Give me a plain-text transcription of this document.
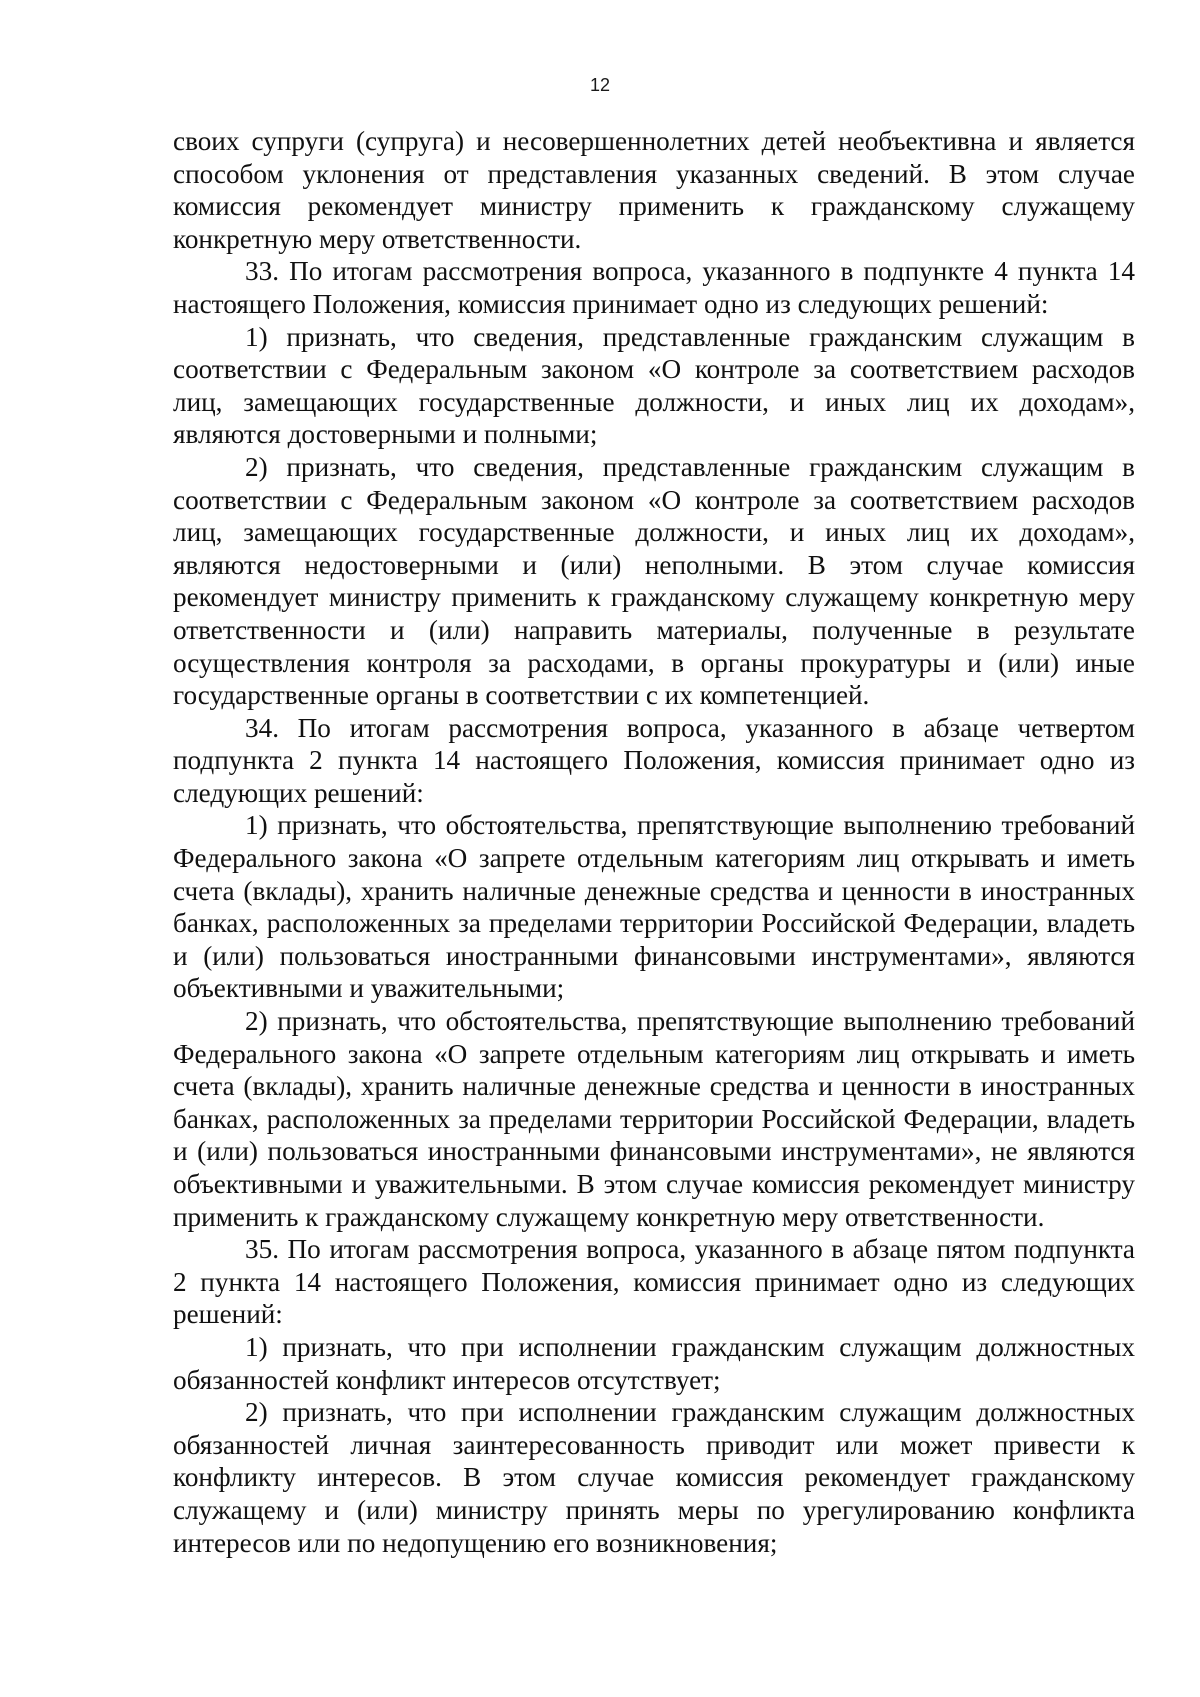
12

своих супруги (супруга) и несовершеннолетних детей необъективна и является способом уклонения от представления указанных сведений. В этом случае комиссия рекомендует министру применить к гражданскому служащему конкретную меру ответственности.

33. По итогам рассмотрения вопроса, указанного в подпункте 4 пункта 14 настоящего Положения, комиссия принимает одно из следующих решений:

1) признать, что сведения, представленные гражданским служащим в соответствии с Федеральным законом «О контроле за соответствием расходов лиц, замещающих государственные должности, и иных лиц их доходам», являются достоверными и полными;

2) признать, что сведения, представленные гражданским служащим в соответствии с Федеральным законом «О контроле за соответствием расходов лиц, замещающих государственные должности, и иных лиц их доходам», являются недостоверными и (или) неполными. В этом случае комиссия рекомендует министру применить к гражданскому служащему конкретную меру ответственности и (или) направить материалы, полученные в результате осуществления контроля за расходами, в органы прокуратуры и (или) иные государственные органы в соответствии с их компетенцией.

34. По итогам рассмотрения вопроса, указанного в абзаце четвертом подпункта 2 пункта 14 настоящего Положения, комиссия принимает одно из следующих решений:

1) признать, что обстоятельства, препятствующие выполнению требований Федерального закона «О запрете отдельным категориям лиц открывать и иметь счета (вклады), хранить наличные денежные средства и ценности в иностранных банках, расположенных за пределами территории Российской Федерации, владеть и (или) пользоваться иностранными финансовыми инструментами», являются объективными и уважительными;

2) признать, что обстоятельства, препятствующие выполнению требований Федерального закона «О запрете отдельным категориям лиц открывать и иметь счета (вклады), хранить наличные денежные средства и ценности в иностранных банках, расположенных за пределами территории Российской Федерации, владеть и (или) пользоваться иностранными финансовыми инструментами», не являются объективными и уважительными. В этом случае комиссия рекомендует министру применить к гражданскому служащему конкретную меру ответственности.

35. По итогам рассмотрения вопроса, указанного в абзаце пятом подпункта 2 пункта 14 настоящего Положения, комиссия принимает одно из следующих решений:

1) признать, что при исполнении гражданским служащим должностных обязанностей конфликт интересов отсутствует;

2) признать, что при исполнении гражданским служащим должностных обязанностей личная заинтересованность приводит или может привести к конфликту интересов. В этом случае комиссия рекомендует гражданскому служащему и (или) министру принять меры по урегулированию конфликта интересов или по недопущению его возникновения;
